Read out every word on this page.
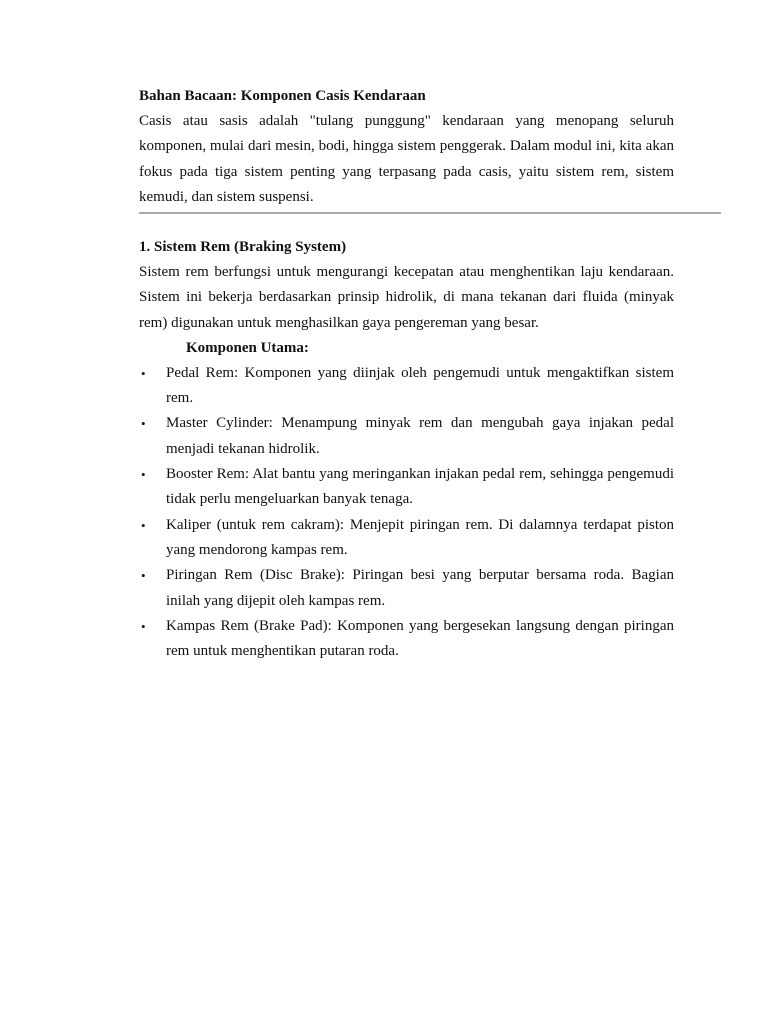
Bahan Bacaan: Komponen Casis Kendaraan

Casis atau sasis adalah "tulang punggung" kendaraan yang menopang seluruh komponen, mulai dari mesin, bodi, hingga sistem penggerak. Dalam modul ini, kita akan fokus pada tiga sistem penting yang terpasang pada casis, yaitu sistem rem, sistem kemudi, dan sistem suspensi.

1. Sistem Rem (Braking System)

Sistem rem berfungsi untuk mengurangi kecepatan atau menghentikan laju kendaraan. Sistem ini bekerja berdasarkan prinsip hidrolik, di mana tekanan dari fluida (minyak rem) digunakan untuk menghasilkan gaya pengereman yang besar.

Komponen Utama:

• Pedal Rem: Komponen yang diinjak oleh pengemudi untuk mengaktifkan sistem rem.
• Master Cylinder: Menampung minyak rem dan mengubah gaya injakan pedal menjadi tekanan hidrolik.
• Booster Rem: Alat bantu yang meringankan injakan pedal rem, sehingga pengemudi tidak perlu mengeluarkan banyak tenaga.
• Kaliper (untuk rem cakram): Menjepit piringan rem. Di dalamnya terdapat piston yang mendorong kampas rem.
• Piringan Rem (Disc Brake): Piringan besi yang berputar bersama roda. Bagian inilah yang dijepit oleh kampas rem.
• Kampas Rem (Brake Pad): Komponen yang bergesekan langsung dengan piringan rem untuk menghentikan putaran roda.
